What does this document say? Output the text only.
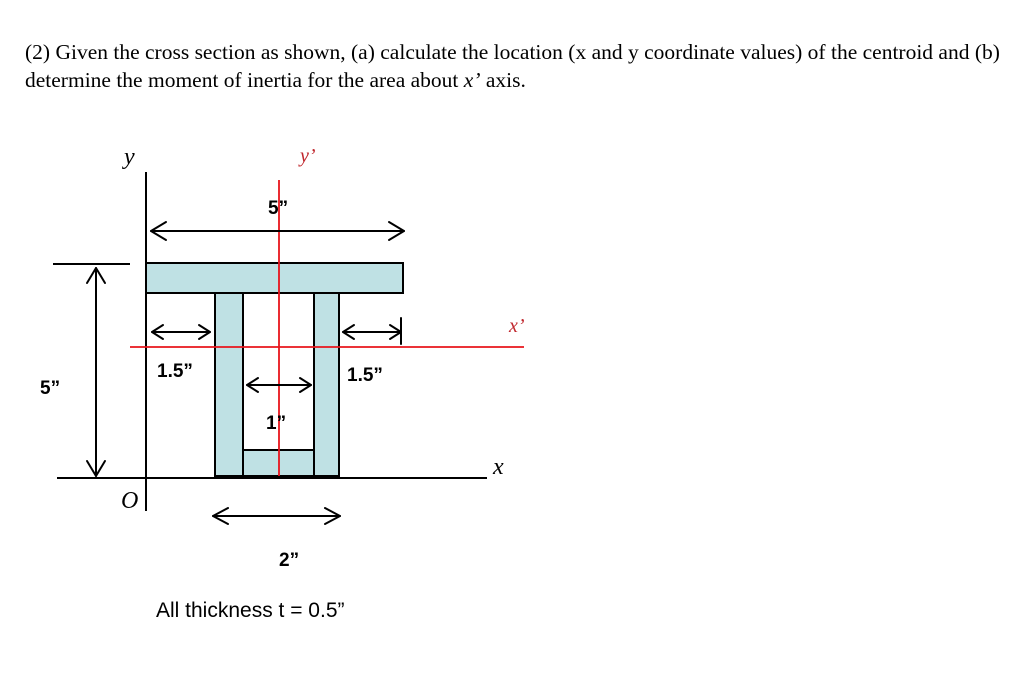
(2) Given the cross section as shown, (a) calculate the location (x and y coordinate values) of the centroid and (b) determine the moment of inertia for the area about x’ axis.

y	y’
x’
x
O
5”
5”
1.5”	1.5”
1”
2”
All thickness t = 0.5”
